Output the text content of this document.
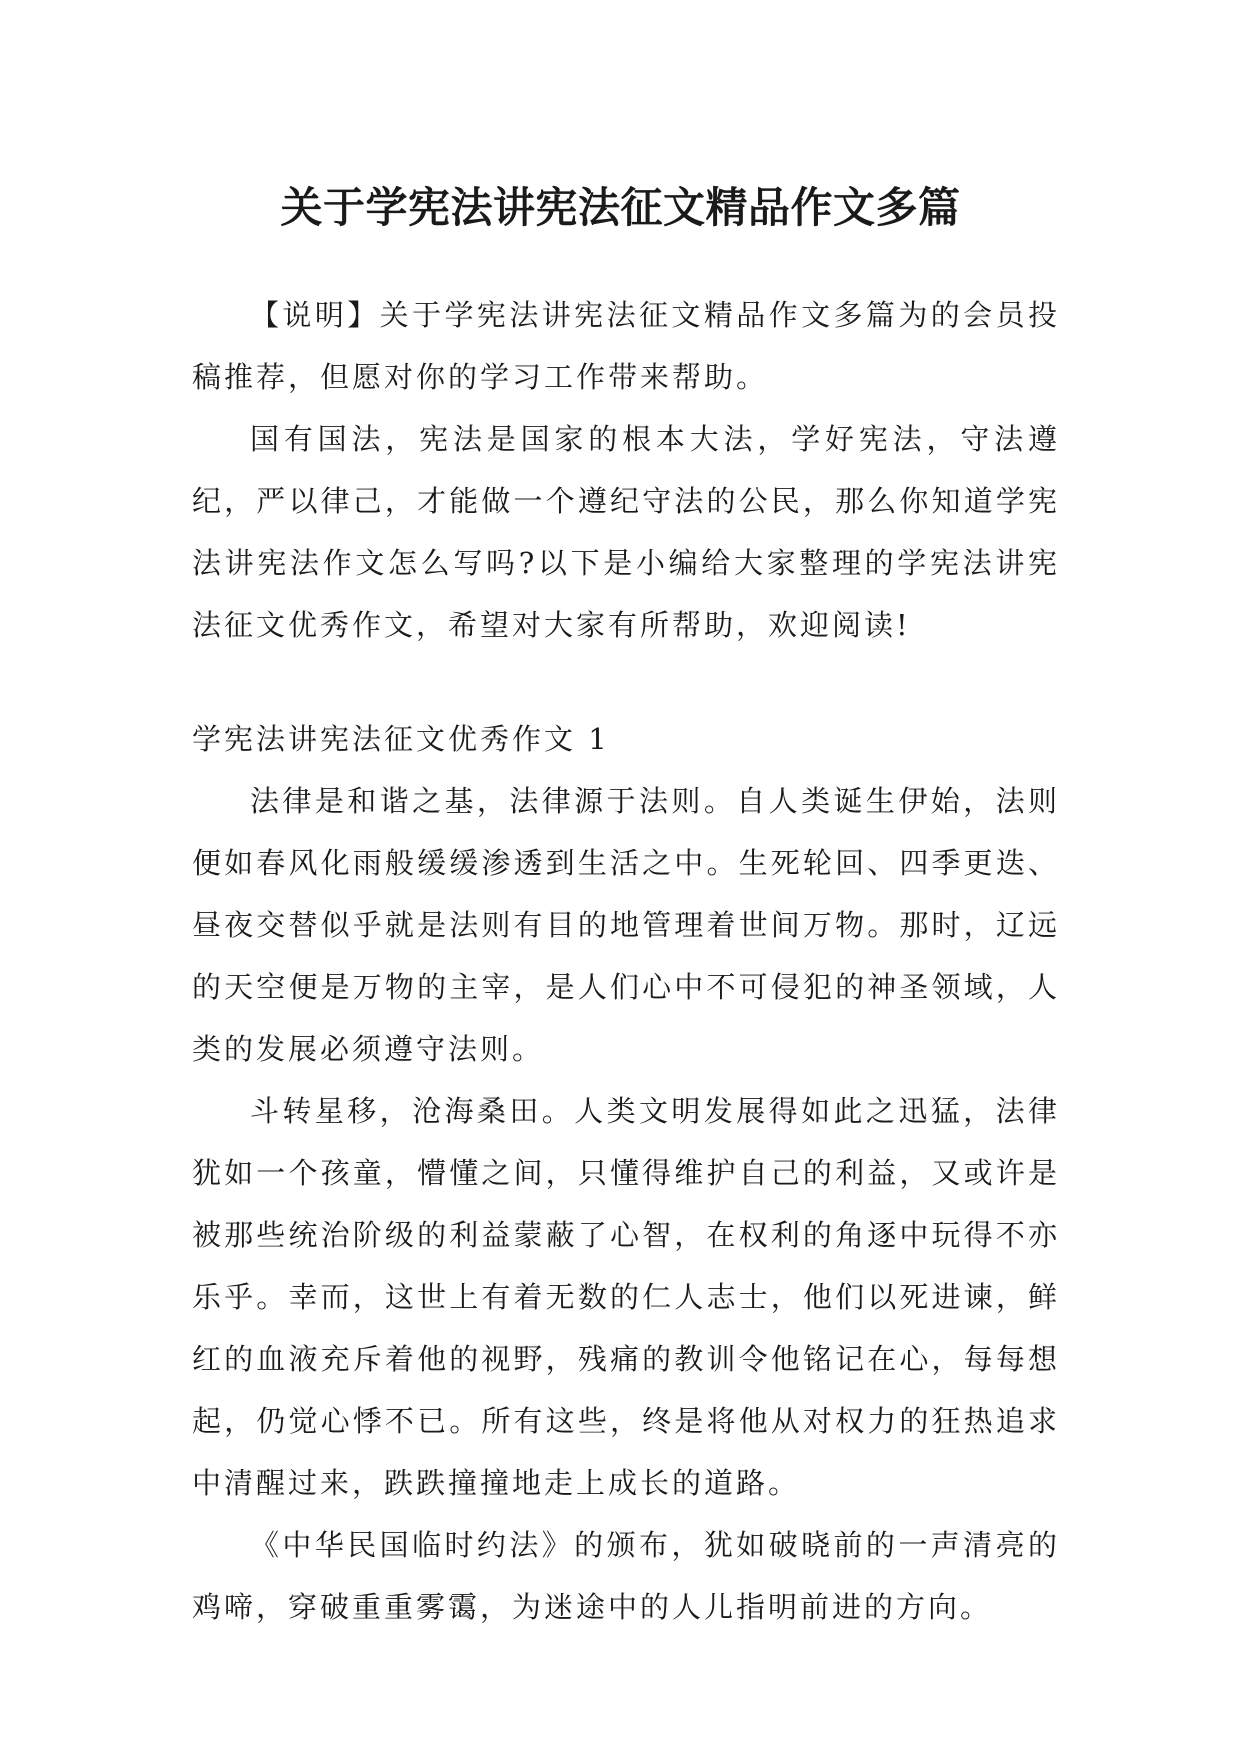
关于学宪法讲宪法征文精品作文多篇

【说明】关于学宪法讲宪法征文精品作文多篇为的会员投稿推荐，但愿对你的学习工作带来帮助。

国有国法，宪法是国家的根本大法，学好宪法，守法遵纪，严以律己，才能做一个遵纪守法的公民，那么你知道学宪法讲宪法作文怎么写吗?以下是小编给大家整理的学宪法讲宪法征文优秀作文，希望对大家有所帮助，欢迎阅读!

学宪法讲宪法征文优秀作文 1

法律是和谐之基，法律源于法则。自人类诞生伊始，法则便如春风化雨般缓缓渗透到生活之中。生死轮回、四季更迭、昼夜交替似乎就是法则有目的地管理着世间万物。那时，辽远的天空便是万物的主宰，是人们心中不可侵犯的神圣领域，人类的发展必须遵守法则。

斗转星移，沧海桑田。人类文明发展得如此之迅猛，法律犹如一个孩童，懵懂之间，只懂得维护自己的利益，又或许是被那些统治阶级的利益蒙蔽了心智，在权利的角逐中玩得不亦乐乎。幸而，这世上有着无数的仁人志士，他们以死进谏，鲜红的血液充斥着他的视野，残痛的教训令他铭记在心，每每想起，仍觉心悸不已。所有这些，终是将他从对权力的狂热追求中清醒过来，跌跌撞撞地走上成长的道路。

《中华民国临时约法》的颁布，犹如破晓前的一声清亮的鸡啼，穿破重重雾霭，为迷途中的人儿指明前进的方向。
